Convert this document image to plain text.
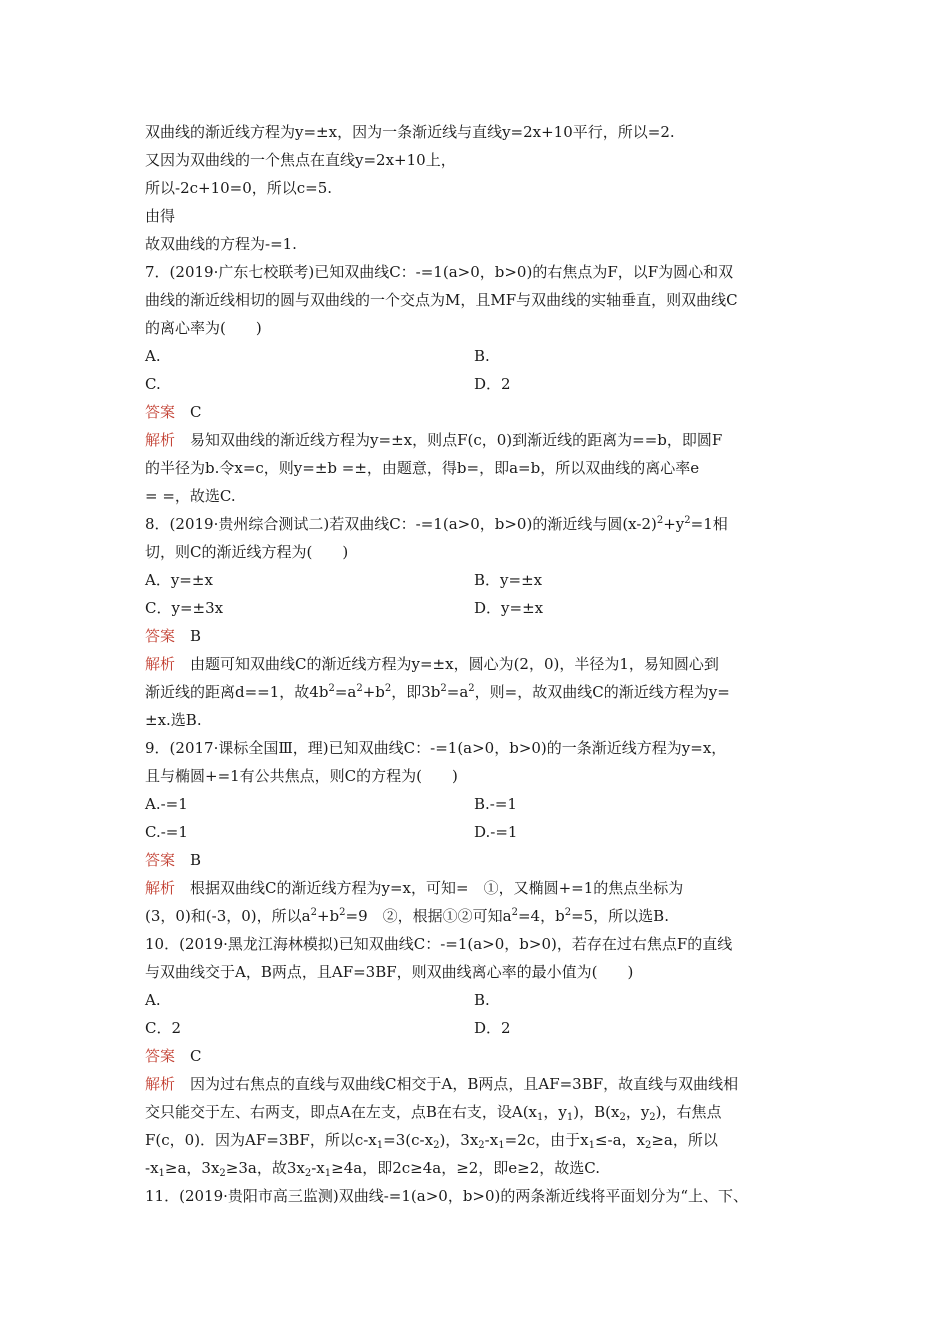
双曲线的渐近线方程为y=±x，因为一条渐近线与直线y=2x+10平行，所以=2.
又因为双曲线的一个焦点在直线y=2x+10上，
所以-2c+10=0，所以c=5.
由得
故双曲线的方程为-=1.
7．(2019·广东七校联考)已知双曲线C：-=1(a>0，b>0)的右焦点为F，以F为圆心和双
曲线的渐近线相切的圆与双曲线的一个交点为M，且MF与双曲线的实轴垂直，则双曲线C
的离心率为(　　)
A.	B.
C.	D．2
答案　 C
解析　 易知双曲线的渐近线方程为y=±x，则点F(c，0)到渐近线的距离为==b，即圆F
的半径为b.令x=c，则y=±b =±，由题意，得b=，即a=b，所以双曲线的离心率e
= =，故选C.
8．(2019·贵州综合测试二)若双曲线C：-=1(a>0，b>0)的渐近线与圆$(x-2)^2+y^2=1$相
切，则C的渐近线方程为(　　)
A．y=±x	B．y=±x
C．y=±3x	D．y=±x
答案　 B
解析　 由题可知双曲线C的渐近线方程为y=±x，圆心为(2，0)，半径为1，易知圆心到
渐近线的距离d==1，故$4b^2=a^2+b^2$，即$3b^2=a^2$，则=，故双曲线C的渐近线方程为y=
±x.选B.
9．(2017·课标全国Ⅲ，理)已知双曲线C：-=1(a>0，b>0)的一条渐近线方程为y=x，
且与椭圆+=1有公共焦点，则C的方程为(　　)
A.-=1	B.-=1
C.-=1	D.-=1
答案　 B
解析　 根据双曲线C的渐近线方程为y=x，可知=　①，又椭圆+=1的焦点坐标为
(3，0)和(-3，0)，所以$a^2+b^2=9$　②，根据①②可知$a^2=4$，$b^2=5$，所以选B.
10．(2019·黑龙江海林模拟)已知双曲线C：-=1(a>0，b>0)，若存在过右焦点F的直线
与双曲线交于A，B两点，且AF=3BF，则双曲线离心率的最小值为(　　)
A.	B.
C．2	D．2
答案　 C
解析　 因为过右焦点的直线与双曲线C相交于A，B两点，且AF=3BF，故直线与双曲线相
交只能交于左、右两支，即点A在左支，点B在右支，设$A(x_1$，$y_1$)，$B(x_2$，$y_2$)，右焦点
F(c，0)．因为AF=3BF，所以$c-x_1=3(c-x_2)$，$3x_2-x_1=2c$，由于$x_1\le-a$，$x_2\ge a$，所以
$-x_1\ge a$，$3x_2\ge 3a$，故$3x_2-x_1\ge 4a$，即2c≥4a，≥2，即e≥2，故选C.
11．(2019·贵阳市高三监测)双曲线-=1(a>0，b>0)的两条渐近线将平面划分为“上、下、
